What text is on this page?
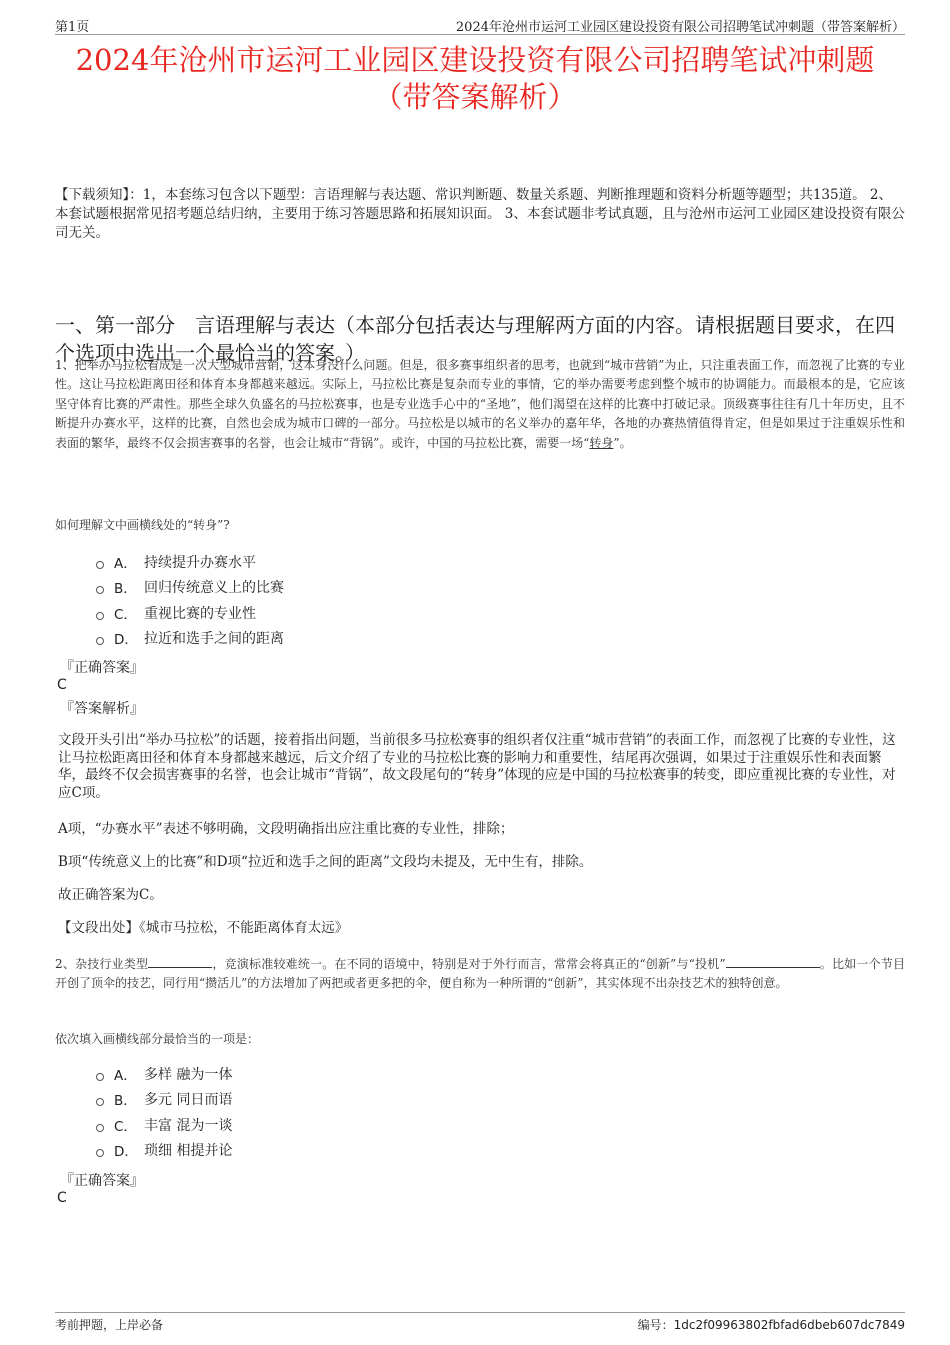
第1页	2024年沧州市运河工业园区建设投资有限公司招聘笔试冲刺题（带答案解析）
2024年沧州市运河工业园区建设投资有限公司招聘笔试冲刺题
（带答案解析）
【下载须知】：1，本套练习包含以下题型：言语理解与表达题、常识判断题、数量关系题、判断推理题和资料分析题等题型；共135道。 2、本套试题根据常见招考题总结归纳，主要用于练习答题思路和拓展知识面。 3、本套试题非考试真题，且与沧州市运河工业园区建设投资有限公司无关。
一、第一部分　言语理解与表达（本部分包括表达与理解两方面的内容。请根据题目要求，在四个选项中选出一个最恰当的答案。）
1、把举办马拉松看成是一次大型城市营销，这本身没什么问题。但是，很多赛事组织者的思考，也就到“城市营销”为止，只注重表面工作，而忽视了比赛的专业性。这让马拉松距离田径和体育本身都越来越远。实际上，马拉松比赛是复杂而专业的事情，它的举办需要考虑到整个城市的协调能力。而最根本的是，它应该坚守体育比赛的严肃性。那些全球久负盛名的马拉松赛事，也是专业选手心中的“圣地”，他们渴望在这样的比赛中打破记录。顶级赛事往往有几十年历史，且不断提升办赛水平，这样的比赛，自然也会成为城市口碑的一部分。马拉松是以城市的名义举办的嘉年华，各地的办赛热情值得肯定，但是如果过于注重娱乐性和表面的繁华，最终不仅会损害赛事的名誉，也会让城市“背锅”。或许，中国的马拉松比赛，需要一场“转身”。
如何理解文中画横线处的“转身”?
A． 持续提升办赛水平
B． 回归传统意义上的比赛
C． 重视比赛的专业性
D． 拉近和选手之间的距离
『正确答案』
C
『答案解析』
文段开头引出“举办马拉松”的话题，接着指出问题，当前很多马拉松赛事的组织者仅注重“城市营销”的表面工作，而忽视了比赛的专业性，这让马拉松距离田径和体育本身都越来越远，后文介绍了专业的马拉松比赛的影响力和重要性，结尾再次强调，如果过于注重娱乐性和表面繁华，最终不仅会损害赛事的名誉，也会让城市“背锅”，故文段尾句的“转身”体现的应是中国的马拉松赛事的转变，即应重视比赛的专业性，对应C项。
A项，“办赛水平”表述不够明确，文段明确指出应注重比赛的专业性，排除；
B项“传统意义上的比赛”和D项“拉近和选手之间的距离”文段均未提及，无中生有，排除。
故正确答案为C。
【文段出处】《城市马拉松，不能距离体育太远》
2、杂技行业类型	，竞演标准较难统一。在不同的语境中，特别是对于外行而言，常常会将真正的“创新”与“投机”	。比如一个节目开创了顶伞的技艺，同行用“攒活儿”的方法增加了两把或者更多把的伞，便自称为一种所谓的“创新”，其实体现不出杂技艺术的独特创意。
依次填入画横线部分最恰当的一项是：
A． 多样 融为一体
B． 多元 同日而语
C． 丰富 混为一谈
D． 琐细 相提并论
『正确答案』
C
考前押题，上岸必备	编号：1dc2f09963802fbfad6dbeb607dc7849
